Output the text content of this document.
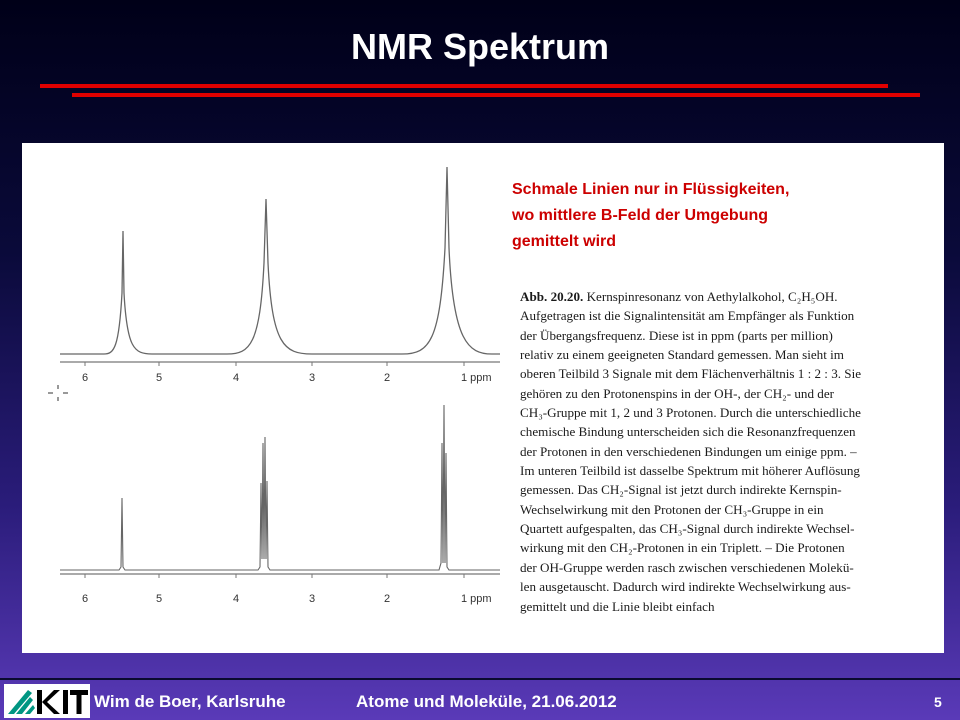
NMR Spektrum
6	5	4	3	2	1 ppm
6	5	4	3	2	1 ppm
Schmale Linien nur in Flüssigkeiten,
wo mittlere B-Feld der Umgebung
gemittelt wird
Abb. 20.20. Kernspinresonanz von Aethylalkohol, C₂H₅OH.
Aufgetragen ist die Signalintensität am Empfänger als Funktion
der Übergangsfrequenz. Diese ist in ppm (parts per million)
relativ zu einem geeigneten Standard gemessen. Man sieht im
oberen Teilbild 3 Signale mit dem Flächenverhältnis 1 : 2 : 3. Sie
gehören zu den Protonenspins in der OH-, der CH₂- und der
CH₃-Gruppe mit 1, 2 und 3 Protonen. Durch die unterschiedliche
chemische Bindung unterscheiden sich die Resonanzfrequenzen
der Protonen in den verschiedenen Bindungen um einige ppm. –
Im unteren Teilbild ist dasselbe Spektrum mit höherer Auflösung
gemessen. Das CH₂-Signal ist jetzt durch indirekte Kernspin-
Wechselwirkung mit den Protonen der CH₃-Gruppe in ein
Quartett aufgespalten, das CH₃-Signal durch indirekte Wechsel-
wirkung mit den CH₂-Protonen in ein Triplett. – Die Protonen
der OH-Gruppe werden rasch zwischen verschiedenen Molekü-
len ausgetauscht. Dadurch wird indirekte Wechselwirkung aus-
gemittelt und die Linie bleibt einfach
Wim de Boer, Karlsruhe	Atome und Moleküle, 21.06.2012	5
